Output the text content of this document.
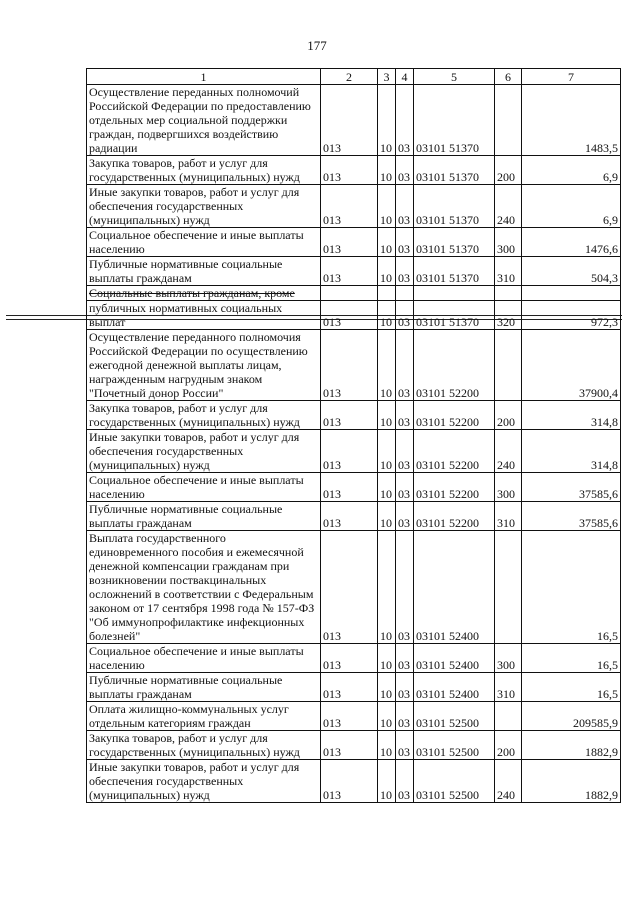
177
1	2	3	4	5	6	7
Осуществление переданных полномочий Российской Федерации по предоставлению отдельных мер социальной поддержки граждан, подвергшихся воздействию радиации	013	10	03	03101 51370		1483,5
Закупка товаров, работ и услуг для государственных (муниципальных) нужд	013	10	03	03101 51370	200	6,9
Иные закупки товаров, работ и услуг для обеспечения государственных (муниципальных) нужд	013	10	03	03101 51370	240	6,9
Социальное обеспечение и иные выплаты населению	013	10	03	03101 51370	300	1476,6
Публичные нормативные социальные выплаты гражданам	013	10	03	03101 51370	310	504,3
Социальные выплаты гражданам, кроме						
публичных нормативных социальных выплат	013	10	03	03101 51370	320	972,3
Осуществление переданного полномочия Российской Федерации по осуществлению ежегодной денежной выплаты лицам, награжденным нагрудным знаком "Почетный донор России"	013	10	03	03101 52200		37900,4
Закупка товаров, работ и услуг для государственных (муниципальных) нужд	013	10	03	03101 52200	200	314,8
Иные закупки товаров, работ и услуг для обеспечения государственных (муниципальных) нужд	013	10	03	03101 52200	240	314,8
Социальное обеспечение и иные выплаты населению	013	10	03	03101 52200	300	37585,6
Публичные нормативные социальные выплаты гражданам	013	10	03	03101 52200	310	37585,6
Выплата государственного единовременного пособия и ежемесячной денежной компенсации гражданам при возникновении поствакцинальных осложнений в соответствии с Федеральным законом от 17 сентября 1998 года № 157-ФЗ "Об иммунопрофилактике инфекционных болезней"	013	10	03	03101 52400		16,5
Социальное обеспечение и иные выплаты населению	013	10	03	03101 52400	300	16,5
Публичные нормативные социальные выплаты гражданам	013	10	03	03101 52400	310	16,5
Оплата жилищно-коммунальных услуг отдельным категориям граждан	013	10	03	03101 52500		209585,9
Закупка товаров, работ и услуг для государственных (муниципальных) нужд	013	10	03	03101 52500	200	1882,9
Иные закупки товаров, работ и услуг для обеспечения государственных (муниципальных) нужд	013	10	03	03101 52500	240	1882,9
